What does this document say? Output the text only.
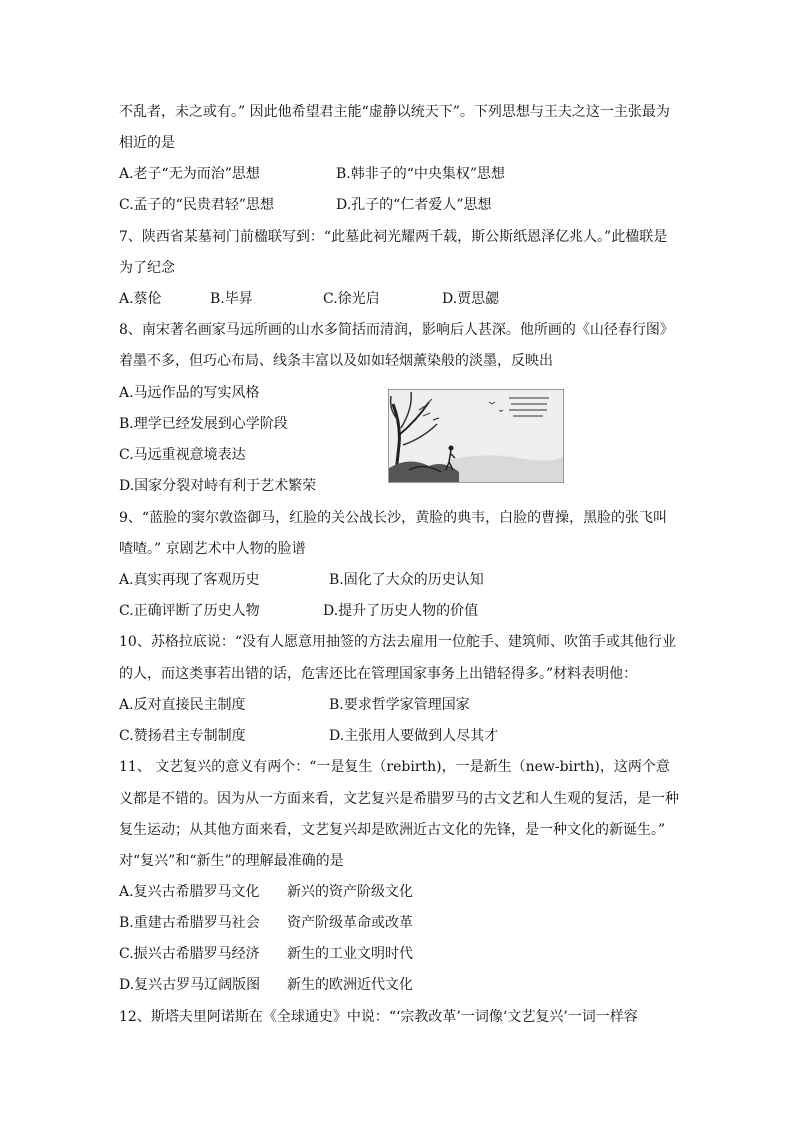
不乱者，未之或有。” 因此他希望君主能“虚静以统天下”。下列思想与王夫之这一主张最为
相近的是
A.老子“无为而治”思想	B.韩非子的“中央集权”思想
C.孟子的“民贵君轻”思想	D.孔子的“仁者爱人”思想
7、陕西省某墓祠门前楹联写到：“此墓此祠光耀两千载，斯公斯纸恩泽亿兆人。”此楹联是
为了纪念
A.蔡伦	B.毕昇	C.徐光启	D.贾思勰
8、南宋著名画家马远所画的山水多简括而清润，影响后人甚深。他所画的《山径春行图》
着墨不多，但巧心布局、线条丰富以及如如轻烟薰染般的淡墨，反映出
A.马远作品的写实风格
B.理学已经发展到心学阶段
C.马远重视意境表达
D.国家分裂对峙有利于艺术繁荣
9、“蓝脸的窦尔敦盗御马，红脸的关公战长沙，黄脸的典韦，白脸的曹操，黑脸的张飞叫
喳喳。” 京剧艺术中人物的脸谱
A.真实再现了客观历史	B.固化了大众的历史认知
C.正确评断了历史人物	D.提升了历史人物的价值
10、苏格拉底说：“没有人愿意用抽签的方法去雇用一位舵手、建筑师、吹笛手或其他行业
的人，而这类事若出错的话，危害还比在管理国家事务上出错轻得多。”材料表明他：
A.反对直接民主制度	B.要求哲学家管理国家
C.赞扬君主专制制度	D.主张用人要做到人尽其才
11、 文艺复兴的意义有两个：“一是复生（rebirth)，一是新生（new-birth)，这两个意
义都是不错的。因为从一方面来看，文艺复兴是希腊罗马的古文艺和人生观的复活，是一种
复生运动；从其他方面来看，文艺复兴却是欧洲近古文化的先锋，是一种文化的新诞生。”
对“复兴”和“新生”的理解最准确的是
A.复兴古希腊罗马文化 新兴的资产阶级文化
B.重建古希腊罗马社会 资产阶级革命或改革
C.振兴古希腊罗马经济 新生的工业文明时代
D.复兴古罗马辽阔版图 新生的欧洲近代文化
12、斯塔夫里阿诺斯在《全球通史》中说：“‘宗教改革’一词像‘文艺复兴’一词一样容
